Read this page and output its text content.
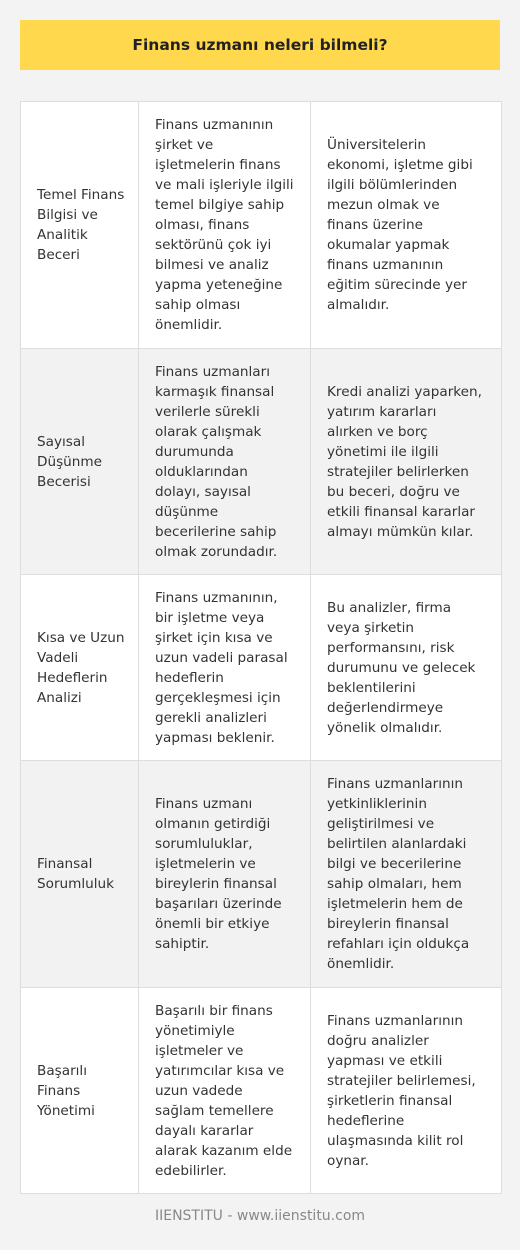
Finans uzmanı neleri bilmeli?
Temel Finans Bilgisi ve Analitik Beceri
Finans uzmanının şirket ve işletmelerin finans ve mali işleriyle ilgili temel bilgiye sahip olması, finans sektörünü çok iyi bilmesi ve analiz yapma yeteneğine sahip olması önemlidir.
Üniversitelerin ekonomi, işletme gibi ilgili bölümlerinden mezun olmak ve finans üzerine okumalar yapmak finans uzmanının eğitim sürecinde yer almalıdır.
Sayısal Düşünme Becerisi
Finans uzmanları karmaşık finansal verilerle sürekli olarak çalışmak durumunda olduklarından dolayı, sayısal düşünme becerilerine sahip olmak zorundadır.
Kredi analizi yaparken, yatırım kararları alırken ve borç yönetimi ile ilgili stratejiler belirlerken bu beceri, doğru ve etkili finansal kararlar almayı mümkün kılar.
Kısa ve Uzun Vadeli Hedeflerin Analizi
Finans uzmanının, bir işletme veya şirket için kısa ve uzun vadeli parasal hedeflerin gerçekleşmesi için gerekli analizleri yapması beklenir.
Bu analizler, firma veya şirketin performansını, risk durumunu ve gelecek beklentilerini değerlendirmeye yönelik olmalıdır.
Finansal Sorumluluk
Finans uzmanı olmanın getirdiği sorumluluklar, işletmelerin ve bireylerin finansal başarıları üzerinde önemli bir etkiye sahiptir.
Finans uzmanlarının yetkinliklerinin geliştirilmesi ve belirtilen alanlardaki bilgi ve becerilerine sahip olmaları, hem işletmelerin hem de bireylerin finansal refahları için oldukça önemlidir.
Başarılı Finans Yönetimi
Başarılı bir finans yönetimiyle işletmeler ve yatırımcılar kısa ve uzun vadede sağlam temellere dayalı kararlar alarak kazanım elde edebilirler.
Finans uzmanlarının doğru analizler yapması ve etkili stratejiler belirlemesi, şirketlerin finansal hedeflerine ulaşmasında kilit rol oynar.
IIENSTITU - www.iienstitu.com
